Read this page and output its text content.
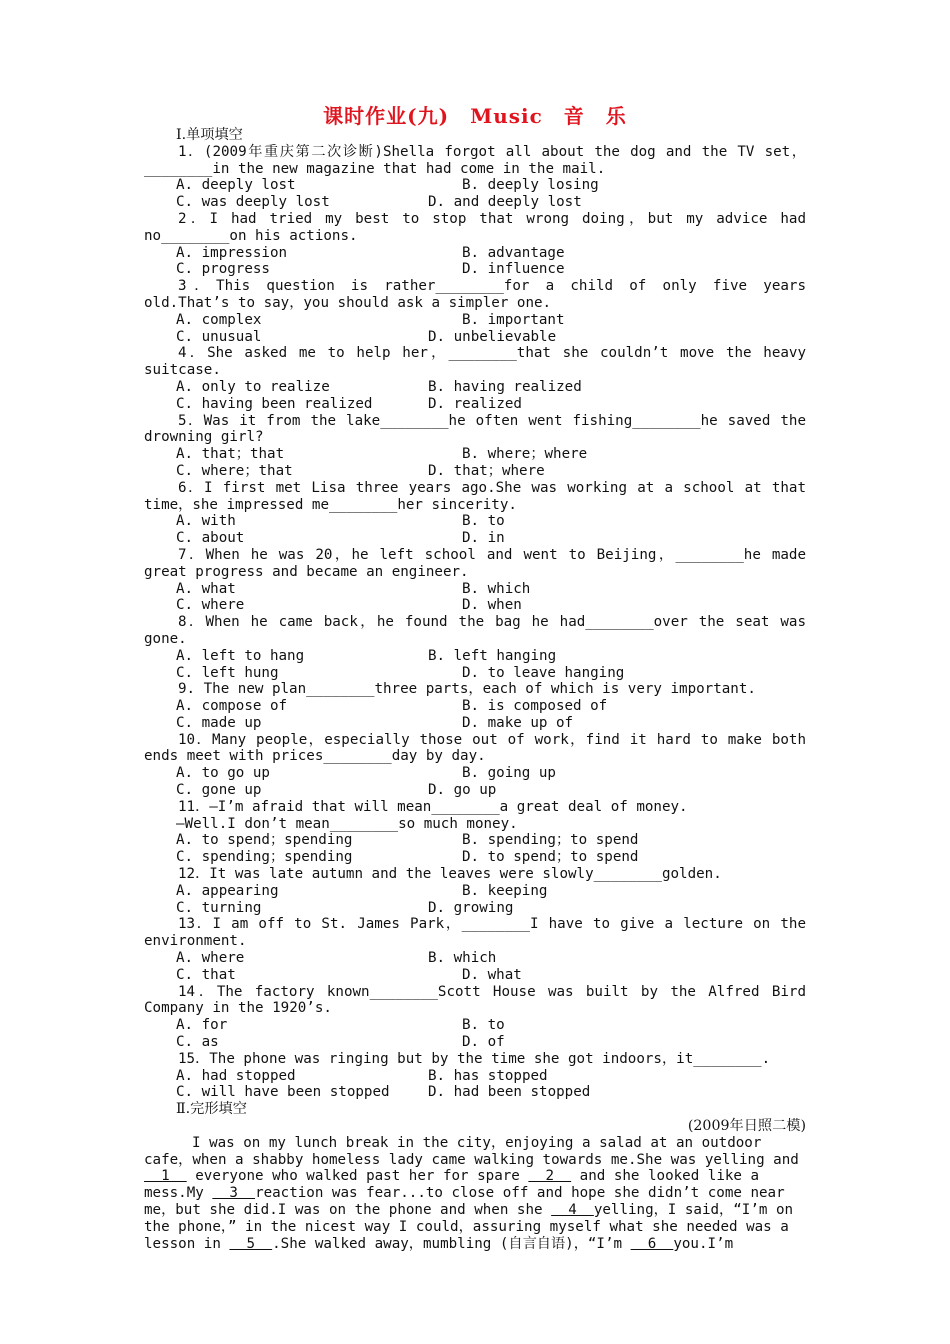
课时作业(九)　Music　音　乐
Ⅰ.单项填空
1．(2009年重庆第二次诊断)Shella forgot all about the dog and the TV set，________in the new magazine that had come in the mail.
A. deeply lost	B. deeply losing
C. was deeply lost	D. and deeply lost
2．I had tried my best to stop that wrong doing，but my advice had no________on his actions.
A. impression	B. advantage
C. progress	D. influence
3．This question is rather________for a child of only five years old.That’s to say，you should ask a simpler one.
A. complex	B. important
C. unusual	D. unbelievable
4．She asked me to help her，________that she couldn’t move the heavy suitcase.
A. only to realize	B. having realized
C. having been realized	D. realized
5．Was it from the lake________he often went fishing________he saved the drowning girl?
A. that；that	B. where；where
C. where；that	D. that；where
6．I first met Lisa three years ago.She was working at a school at that time，she impressed me________her sincerity.
A. with	B. to
C. about	D. in
7．When he was 20，he left school and went to Beijing，________he made great progress and became an engineer.
A. what	B. which
C. where	D. when
8．When he came back，he found the bag he had________over the seat was gone.
A. left to hang	B. left hanging
C. left hung	D. to leave hanging
9. The new plan________three parts，each of which is very important.
A. compose of	B. is composed of
C. made up	D. make up of
10．Many people，especially those out of work，find it hard to make both ends meet with prices________day by day.
A. to go up	B. going up
C. gone up	D. go up
11．—I’m afraid that will mean________a great deal of money.
—Well.I don’t mean________so much money.
A. to spend；spending	B. spending；to spend
C. spending；spending	D. to spend；to spend
12．It was late autumn and the leaves were slowly________golden.
A. appearing	B. keeping
C. turning	D. growing
13．I am off to St. James Park，________I have to give a lecture on the environment.
A. where	B. which
C. that	D. what
14．The factory known________Scott House was built by the Alfred Bird Company in the 1920’s.
A. for	B. to
C. as	D. of
15．The phone was ringing but by the time she got indoors，it________.
A. had stopped	B. has stopped
C. will have been stopped	D. had been stopped
Ⅱ.完形填空
(2009年日照二模)
I was on my lunch break in the city，enjoying a salad at an outdoor
cafe，when a shabby homeless lady came walking towards me.She was yelling and
1   everyone who walked past her for spare   2   and she looked like a
mess.My   3  reaction was fear...to close off and hope she didn’t come near
me，but she did.I was on the phone and when she   4  yelling，I said，“I’m on
the phone，” in the nicest way I could，assuring myself what she needed was a
lesson in   5  .She walked away，mumbling (自言自语)，“I’m   6  you.I’m
